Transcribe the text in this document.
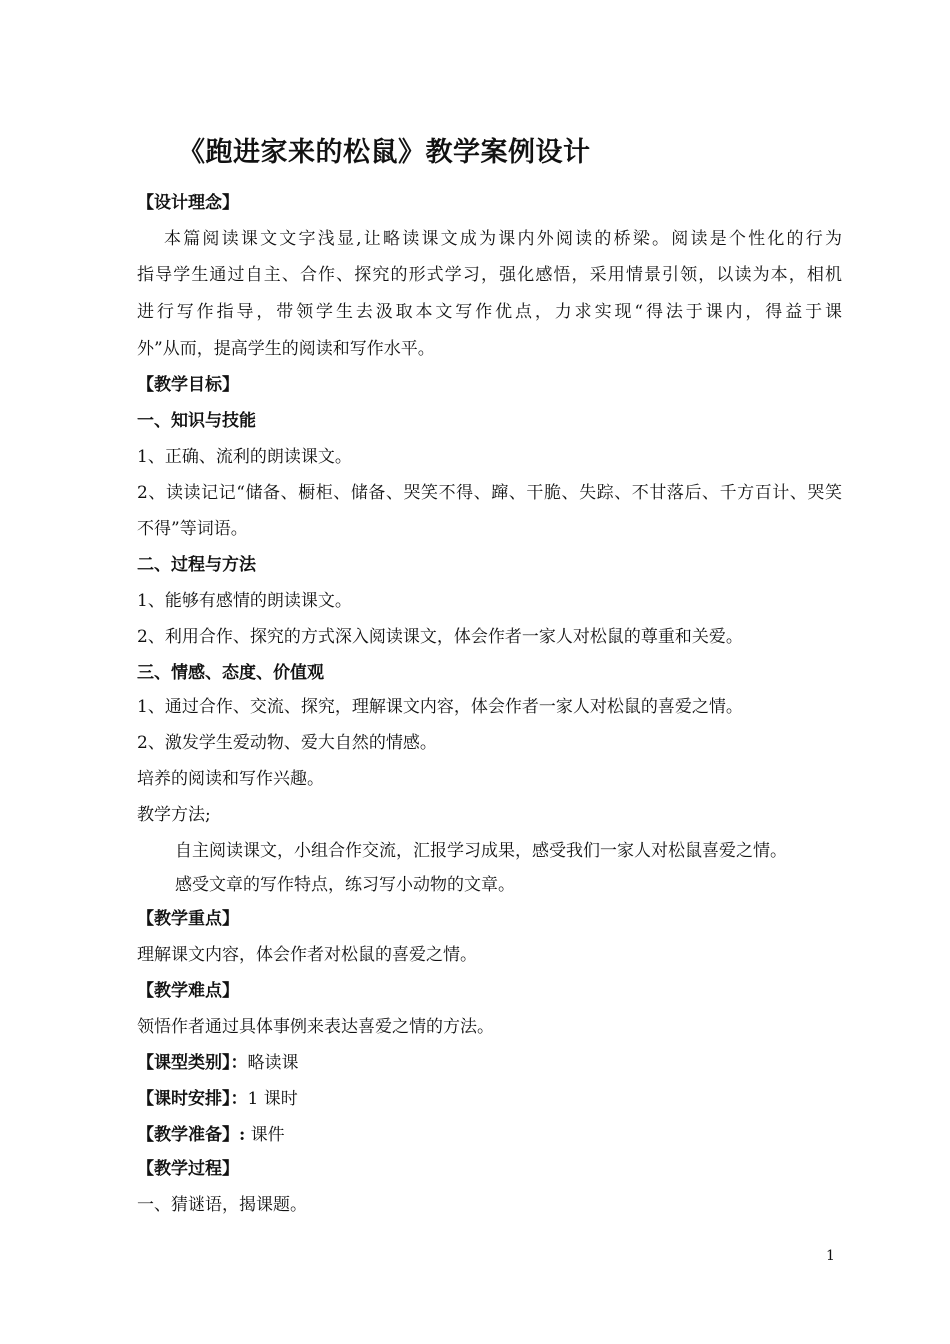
《跑进家来的松鼠》教学案例设计
【设计理念】
本篇阅读课文文字浅显,让略读课文成为课内外阅读的桥梁。阅读是个性化的行为
指导学生通过自主、合作、探究的形式学习，强化感悟，采用情景引领，以读为本，相机
进行写作指导，带领学生去汲取本文写作优点，力求实现“得法于课内，得益于课
外”从而，提高学生的阅读和写作水平。
【教学目标】
一、知识与技能
1、正确、流利的朗读课文。
2、读读记记“储备、橱柜、储备、哭笑不得、蹿、干脆、失踪、不甘落后、千方百计、哭笑
不得”等词语。
二、过程与方法
1、能够有感情的朗读课文。
2、利用合作、探究的方式深入阅读课文，体会作者一家人对松鼠的尊重和关爱。
三、情感、态度、价值观
1、通过合作、交流、探究，理解课文内容，体会作者一家人对松鼠的喜爱之情。
2、激发学生爱动物、爱大自然的情感。
培养的阅读和写作兴趣。
教学方法;
自主阅读课文，小组合作交流，汇报学习成果，感受我们一家人对松鼠喜爱之情。
感受文章的写作特点，练习写小动物的文章。
【教学重点】
理解课文内容，体会作者对松鼠的喜爱之情。
【教学难点】
领悟作者通过具体事例来表达喜爱之情的方法。
【课型类别】：略读课
【课时安排】：1 课时
【教学准备】: 课件
【教学过程】
一、猜谜语，揭课题。
1
